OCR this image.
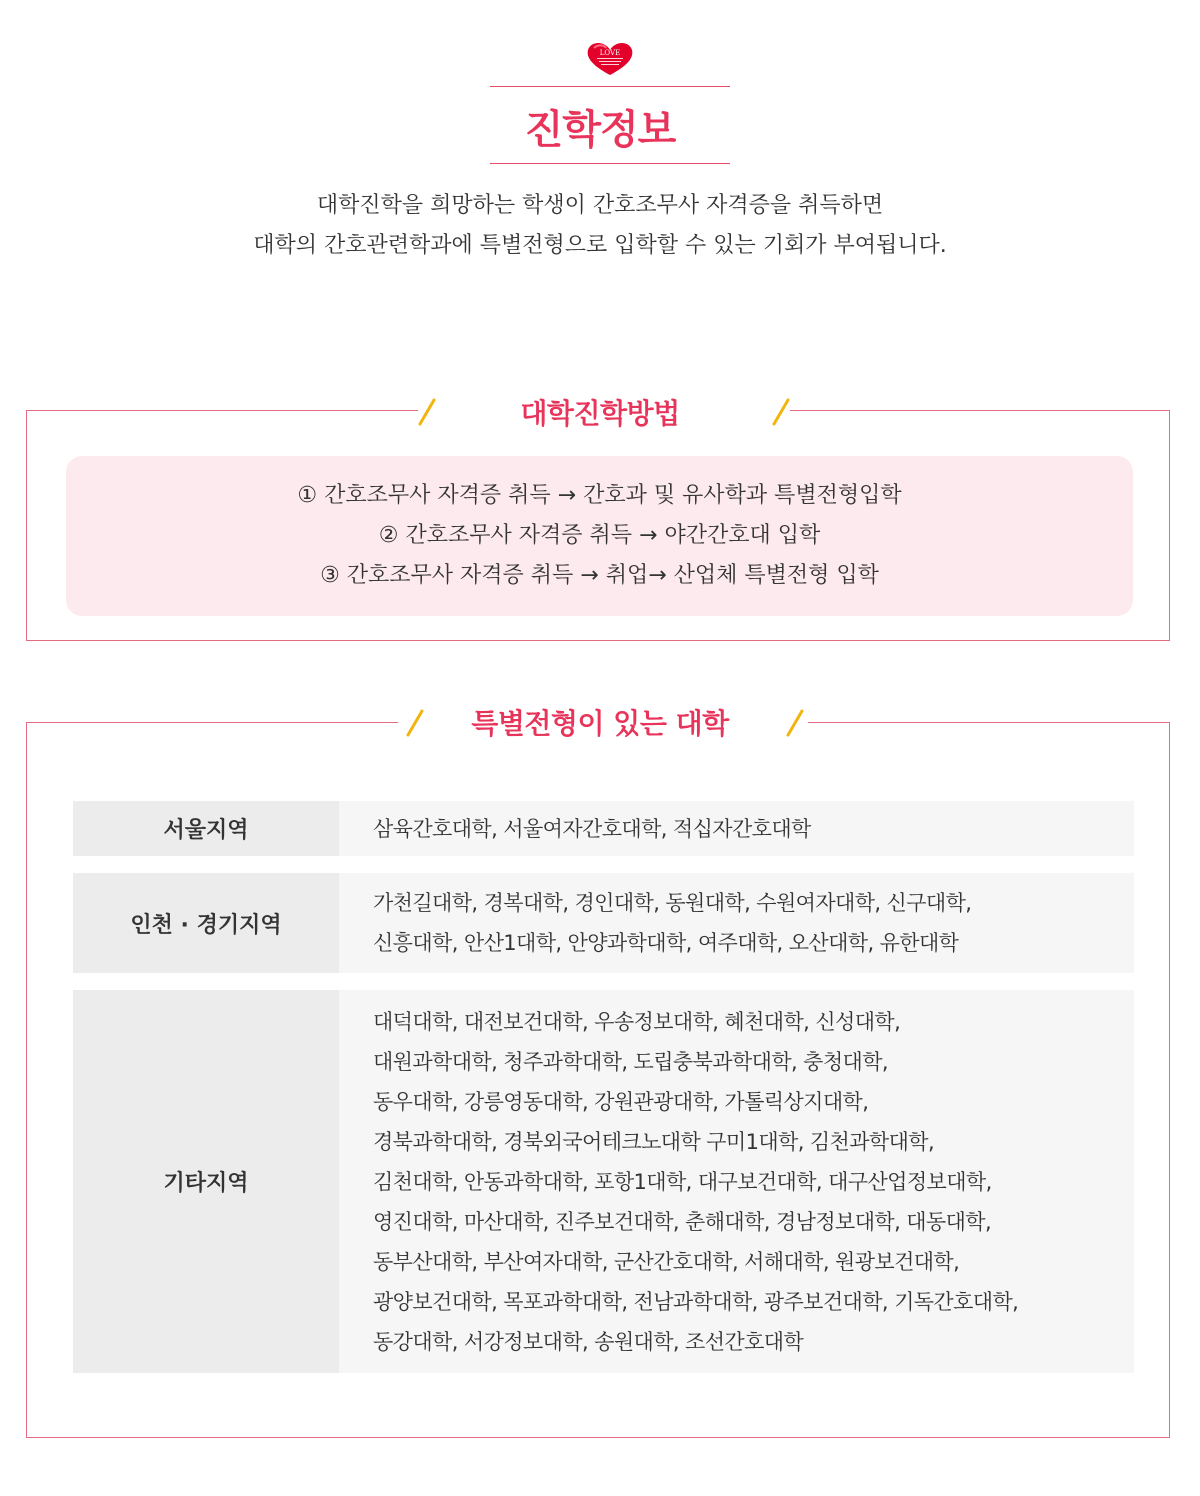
LOVE
진학정보
대학진학을 희망하는 학생이 간호조무사 자격증을 취득하면
대학의 간호관련학과에 특별전형으로 입학할 수 있는 기회가 부여됩니다.
대학진학방법
① 간호조무사 자격증 취득 → 간호과 및 유사학과 특별전형입학
② 간호조무사 자격증 취득 → 야간간호대 입학
③ 간호조무사 자격증 취득 → 취업→ 산업체 특별전형 입학
특별전형이 있는 대학
서울지역	삼육간호대학, 서울여자간호대학, 적십자간호대학
인천 · 경기지역
가천길대학, 경복대학, 경인대학, 동원대학, 수원여자대학, 신구대학,
신흥대학, 안산1대학, 안양과학대학, 여주대학, 오산대학, 유한대학
기타지역
대덕대학, 대전보건대학, 우송정보대학, 혜천대학, 신성대학,
대원과학대학, 청주과학대학, 도립충북과학대학, 충청대학,
동우대학, 강릉영동대학, 강원관광대학, 가톨릭상지대학,
경북과학대학, 경북외국어테크노대학 구미1대학, 김천과학대학,
김천대학, 안동과학대학, 포항1대학, 대구보건대학, 대구산업정보대학,
영진대학, 마산대학, 진주보건대학, 춘해대학, 경남정보대학, 대동대학,
동부산대학, 부산여자대학, 군산간호대학, 서해대학, 원광보건대학,
광양보건대학, 목포과학대학, 전남과학대학, 광주보건대학, 기독간호대학,
동강대학, 서강정보대학, 송원대학, 조선간호대학
